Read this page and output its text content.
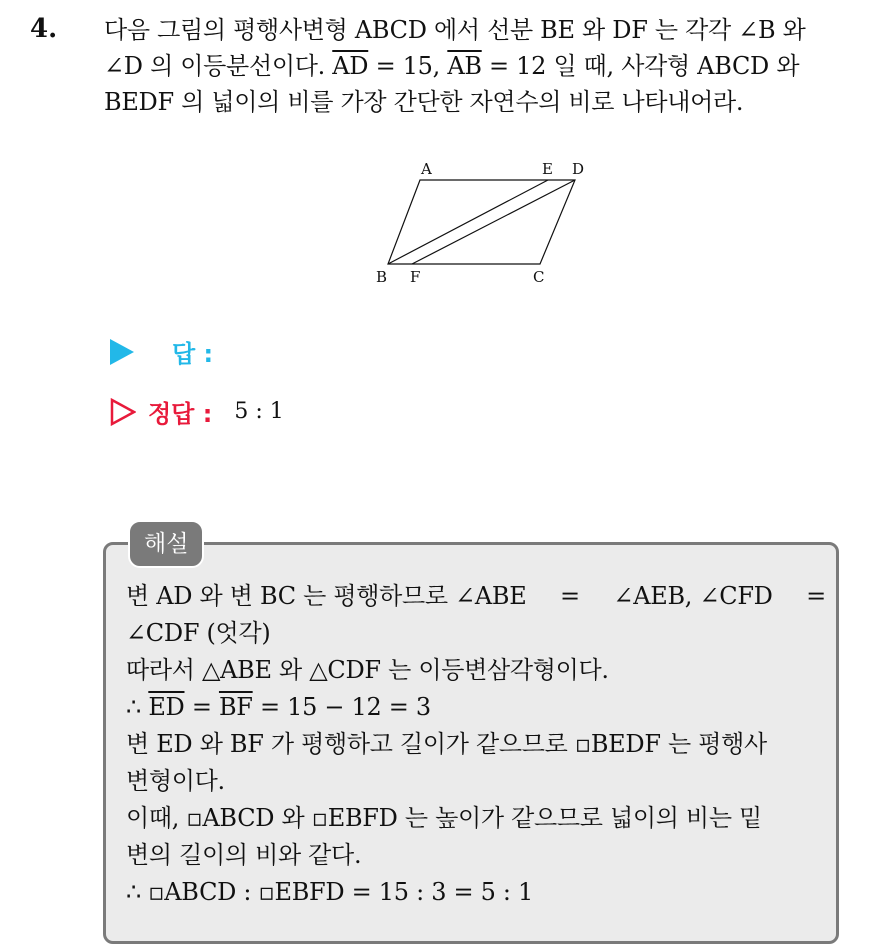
4. 다음 그림의 평행사변형 ABCD 에서 선분 BE 와 DF 는 각각 ∠B 와
∠D 의 이등분선이다. $\overline{AD} = 15$, $\overline{AB} = 12$ 일 때, 사각형 ABCD 와
BEDF 의 넓이의 비를 가장 간단한 자연수의 비로 나타내어라.
A	E D
B F	C
답 :
정답 : 5 : 1
해설
변 AD 와 변 BC 는 평행하므로 ∠ABE = ∠AEB, ∠CFD =
∠CDF (엇각)
따라서 △ABE 와 △CDF 는 이등변삼각형이다.
∴ $\overline{ED} = \overline{BF} = 15 - 12 = 3$
변 ED 와 BF 가 평행하고 길이가 같으므로 ▫BEDF 는 평행사
변형이다.
이때, ▫ABCD 와 ▫EBFD 는 높이가 같으므로 넓이의 비는 밑
변의 길이의 비와 같다.
∴ ▫ABCD : ▫EBFD = 15 : 3 = 5 : 1
